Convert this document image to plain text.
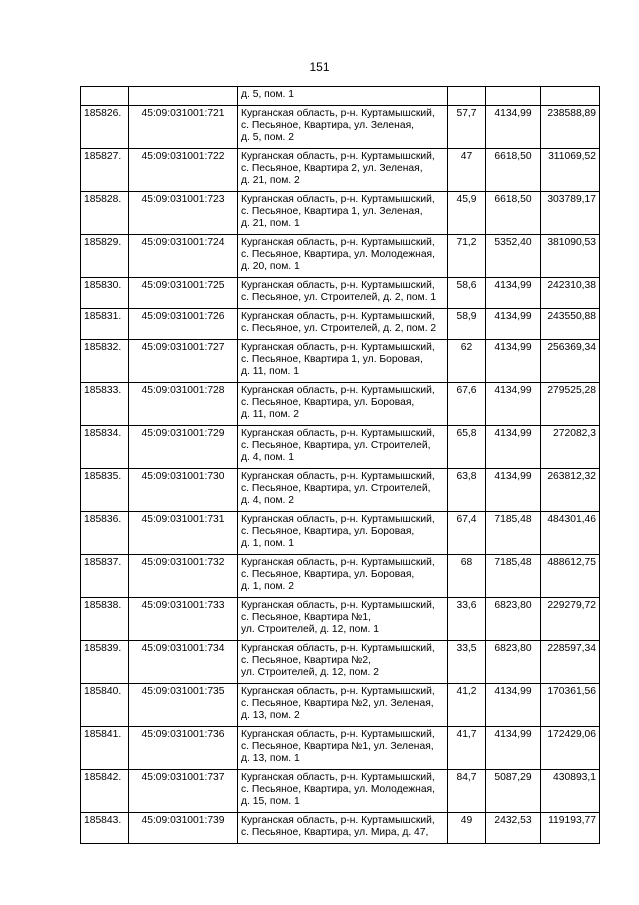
151
		д. 5, пом. 1			
185826.	45:09:031001:721	Курганская область, р-н. Куртамышский,
с. Песьяное, Квартира, ул. Зеленая,
д. 5, пом. 2	57,7	4134,99	238588,89
185827.	45:09:031001:722	Курганская область, р-н. Куртамышский,
с. Песьяное, Квартира 2, ул. Зеленая,
д. 21, пом. 2	47	6618,50	311069,52
185828.	45:09:031001:723	Курганская область, р-н. Куртамышский,
с. Песьяное, Квартира 1, ул. Зеленая,
д. 21, пом. 1	45,9	6618,50	303789,17
185829.	45:09:031001:724	Курганская область, р-н. Куртамышский,
с. Песьяное, Квартира, ул. Молодежная,
д. 20, пом. 1	71,2	5352,40	381090,53
185830.	45:09:031001:725	Курганская область, р-н. Куртамышский,
с. Песьяное, ул. Строителей, д. 2, пом. 1	58,6	4134,99	242310,38
185831.	45:09:031001:726	Курганская область, р-н. Куртамышский,
с. Песьяное, ул. Строителей, д. 2, пом. 2	58,9	4134,99	243550,88
185832.	45:09:031001:727	Курганская область, р-н. Куртамышский,
с. Песьяное, Квартира 1, ул. Боровая,
д. 11, пом. 1	62	4134,99	256369,34
185833.	45:09:031001:728	Курганская область, р-н. Куртамышский,
с. Песьяное, Квартира, ул. Боровая,
д. 11, пом. 2	67,6	4134,99	279525,28
185834.	45:09:031001:729	Курганская область, р-н. Куртамышский,
с. Песьяное, Квартира, ул. Строителей,
д. 4, пом. 1	65,8	4134,99	272082,3
185835.	45:09:031001:730	Курганская область, р-н. Куртамышский,
с. Песьяное, Квартира, ул. Строителей,
д. 4, пом. 2	63,8	4134,99	263812,32
185836.	45:09:031001:731	Курганская область, р-н. Куртамышский,
с. Песьяное, Квартира, ул. Боровая,
д. 1, пом. 1	67,4	7185,48	484301,46
185837.	45:09:031001:732	Курганская область, р-н. Куртамышский,
с. Песьяное, Квартира, ул. Боровая,
д. 1, пом. 2	68	7185,48	488612,75
185838.	45:09:031001:733	Курганская область, р-н. Куртамышский,
с. Песьяное, Квартира №1,
ул. Строителей, д. 12, пом. 1	33,6	6823,80	229279,72
185839.	45:09:031001:734	Курганская область, р-н. Куртамышский,
с. Песьяное, Квартира №2,
ул. Строителей, д. 12, пом. 2	33,5	6823,80	228597,34
185840.	45:09:031001:735	Курганская область, р-н. Куртамышский,
с. Песьяное, Квартира №2, ул. Зеленая,
д. 13, пом. 2	41,2	4134,99	170361,56
185841.	45:09:031001:736	Курганская область, р-н. Куртамышский,
с. Песьяное, Квартира №1, ул. Зеленая,
д. 13, пом. 1	41,7	4134,99	172429,06
185842.	45:09:031001:737	Курганская область, р-н. Куртамышский,
с. Песьяное, Квартира, ул. Молодежная,
д. 15, пом. 1	84,7	5087,29	430893,1
185843.	45:09:031001:739	Курганская область, р-н. Куртамышский,
с. Песьяное, Квартира, ул. Мира, д. 47,	49	2432,53	119193,77
